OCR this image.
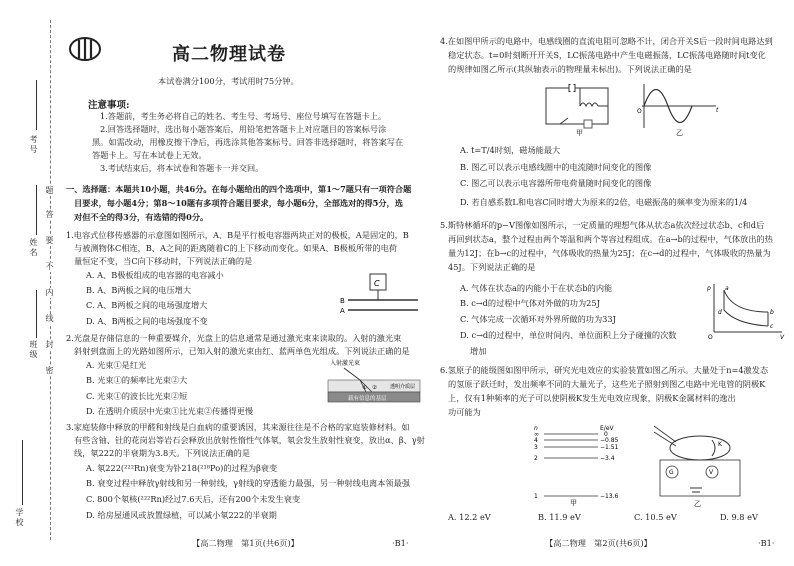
考号
姓名
班级
学校
题
答
要
不
内
线
封
密
高二物理试卷
本试卷满分100分，考试用时75分钟。
注意事项:
1.答题前，考生务必将自己的姓名、考生号、考场号、座位号填写在答题卡上。
2.回答选择题时，选出每小题答案后，用铅笔把答题卡上对应题目的答案标号涂
黑。如需改动，用橡皮擦干净后，再选涂其他答案标号。回答非选择题时，将答案写在
答题卡上。写在本试卷上无效。
3.考试结束后，将本试卷和答题卡一并交回。
一、选择题：本题共10小题，共46分。在每小题给出的四个选项中，第1～7题只有一项符合题
目要求，每小题4分；第8～10题有多项符合题目要求，每小题6分，全部选对的得5分，选
对但不全的得3分，有选错的得0分。
1.电容式位移传感器的示意图如图所示，A、B是平行板电容器两块正对的极板，A是固定的，B
与被测物体C相连，B、A之间的距离随着C的上下移动而变化。如果A、B极板所带的电荷
量恒定不变，当C向下移动时，下列说法正确的是
A. A、B极板组成的电容器的电容减小
B. A、B两板之间的电压增大
C. A、B两板之间的电场强度增大
D. A、B两板之间的电场强度不变
C
B
A
2.光盘是存储信息的一种重要媒介，光盘上的信息通常是通过激光束来读取的。入射的激光束
斜射到盘面上的光路如图所示，已知入射的激光束由红、蓝两单色光组成。下列说法正确的是
A. 光束①是红光
B. 光束①的频率比光束②大
C. 光束①的波长比光束②短
D. 在透明介质层中光束①比光束②传播得更慢
入射激光束
① ②	透明介质层
载有信息的基层
3.家庭装修中释放的甲醛和射线是白血病的重要诱因，其来源往往是不合格的家庭装修材料。如
有些含铀、钍的花岗岩等岩石会释放出放射性惰性气体氡，氡会发生放射性衰变，放出α、β、γ射
线，氡222的半衰期为3.8天。下列说法正确的是
A. 氡222(²²²Rn)衰变为钋218(²¹⁸Po)的过程为β衰变
B. 衰变过程中释放γ射线和另一种射线，γ射线的穿透能力最强，另一种射线电离本领最强
C. 800个氡核(²²²Rn)经过7.6天后，还有200个未发生衰变
D. 给房屋通风或放置绿植，可以减小氡222的半衰期
【高二物理　第1页(共6页)】	·B1·
4.在如图甲所示的电路中，电感线圈的直流电阻可忽略不计，闭合开关S后一段时间电路达到
稳定状态。t=0时刻断开开关S，LC振荡电路中产生电磁振荡，LC振荡电路随时间t变化
的规律如图乙所示(其纵轴表示的物理量未标出)。下列说法正确的是
甲
t
O
乙
A. t=T/4时刻，磁场能最大
B. 图乙可以表示电感线圈中的电流随时间变化的图像
C. 图乙可以表示电容器所带电荷量随时间变化的图像
D. 若自感系数L和电容C同时增大为原来的2倍，电磁振荡的频率变为原来的1/4
5.斯特林循环的p−V图像如图所示，一定质量的理想气体从状态a依次经过状态b、c和d后
再回到状态a，整个过程由两个等温和两个等容过程组成。在a→b的过程中，气体放出的热
量为12J；在b→c的过程中，气体吸收的热量为25J；在c→d的过程中，气体吸收的热量为
45J。下列说法正确的是
A. 气体在状态a的内能小于在状态b的内能
B. c→d的过程中气体对外做的功为25J
C. 气体完成一次循环对外界所做的功为33J
D. c→d的过程中，单位时间内、单位面积上分子碰撞的次数
增加
p
V
O
a
b
c
d
6.氢原子的能级图如图甲所示，研究光电效应的实验装置如图乙所示。大量处于n=4激发态
的氢原子跃迁时，发出频率不同的大量光子，这些光子照射到图乙电路中光电管的阴极K
上，仅有1种频率的光子可以使阴极K发生光电效应现象，阴极K金属材料的逸出
功可能为
n	E/eV
∞	0
4	−0.85
3	−1.51
2	−3.4
1	−13.6
甲
K
G	V
乙
A. 12.2 eV	B. 11.9 eV	C. 10.5 eV	D. 9.8 eV
【高二物理　第2页(共6页)】	·B1·
